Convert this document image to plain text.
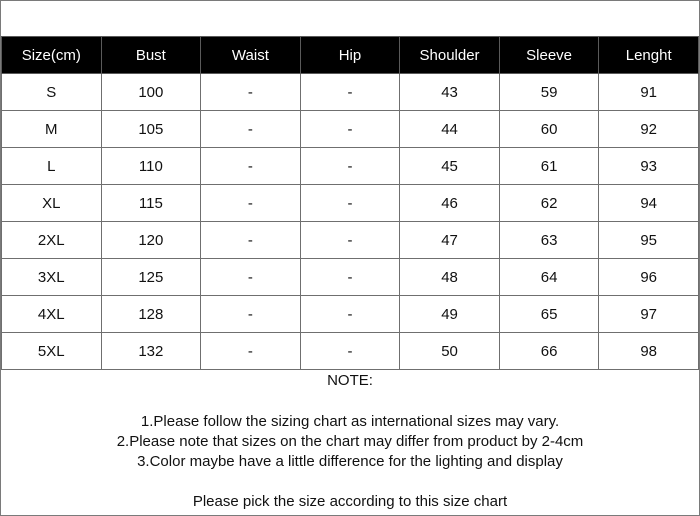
Size(cm)	Bust	Waist	Hip	Shoulder	Sleeve	Lenght
S	100	-	-	43	59	91
M	105	-	-	44	60	92
L	110	-	-	45	61	93
XL	115	-	-	46	62	94
2XL	120	-	-	47	63	95
3XL	125	-	-	48	64	96
4XL	128	-	-	49	65	97
5XL	132	-	-	50	66	98
NOTE:
1.Please follow the sizing chart as international sizes may vary.
2.Please note that sizes on the chart may differ from product by 2-4cm
3.Color maybe have a little difference for the lighting and display
Please pick the size according to this size chart
